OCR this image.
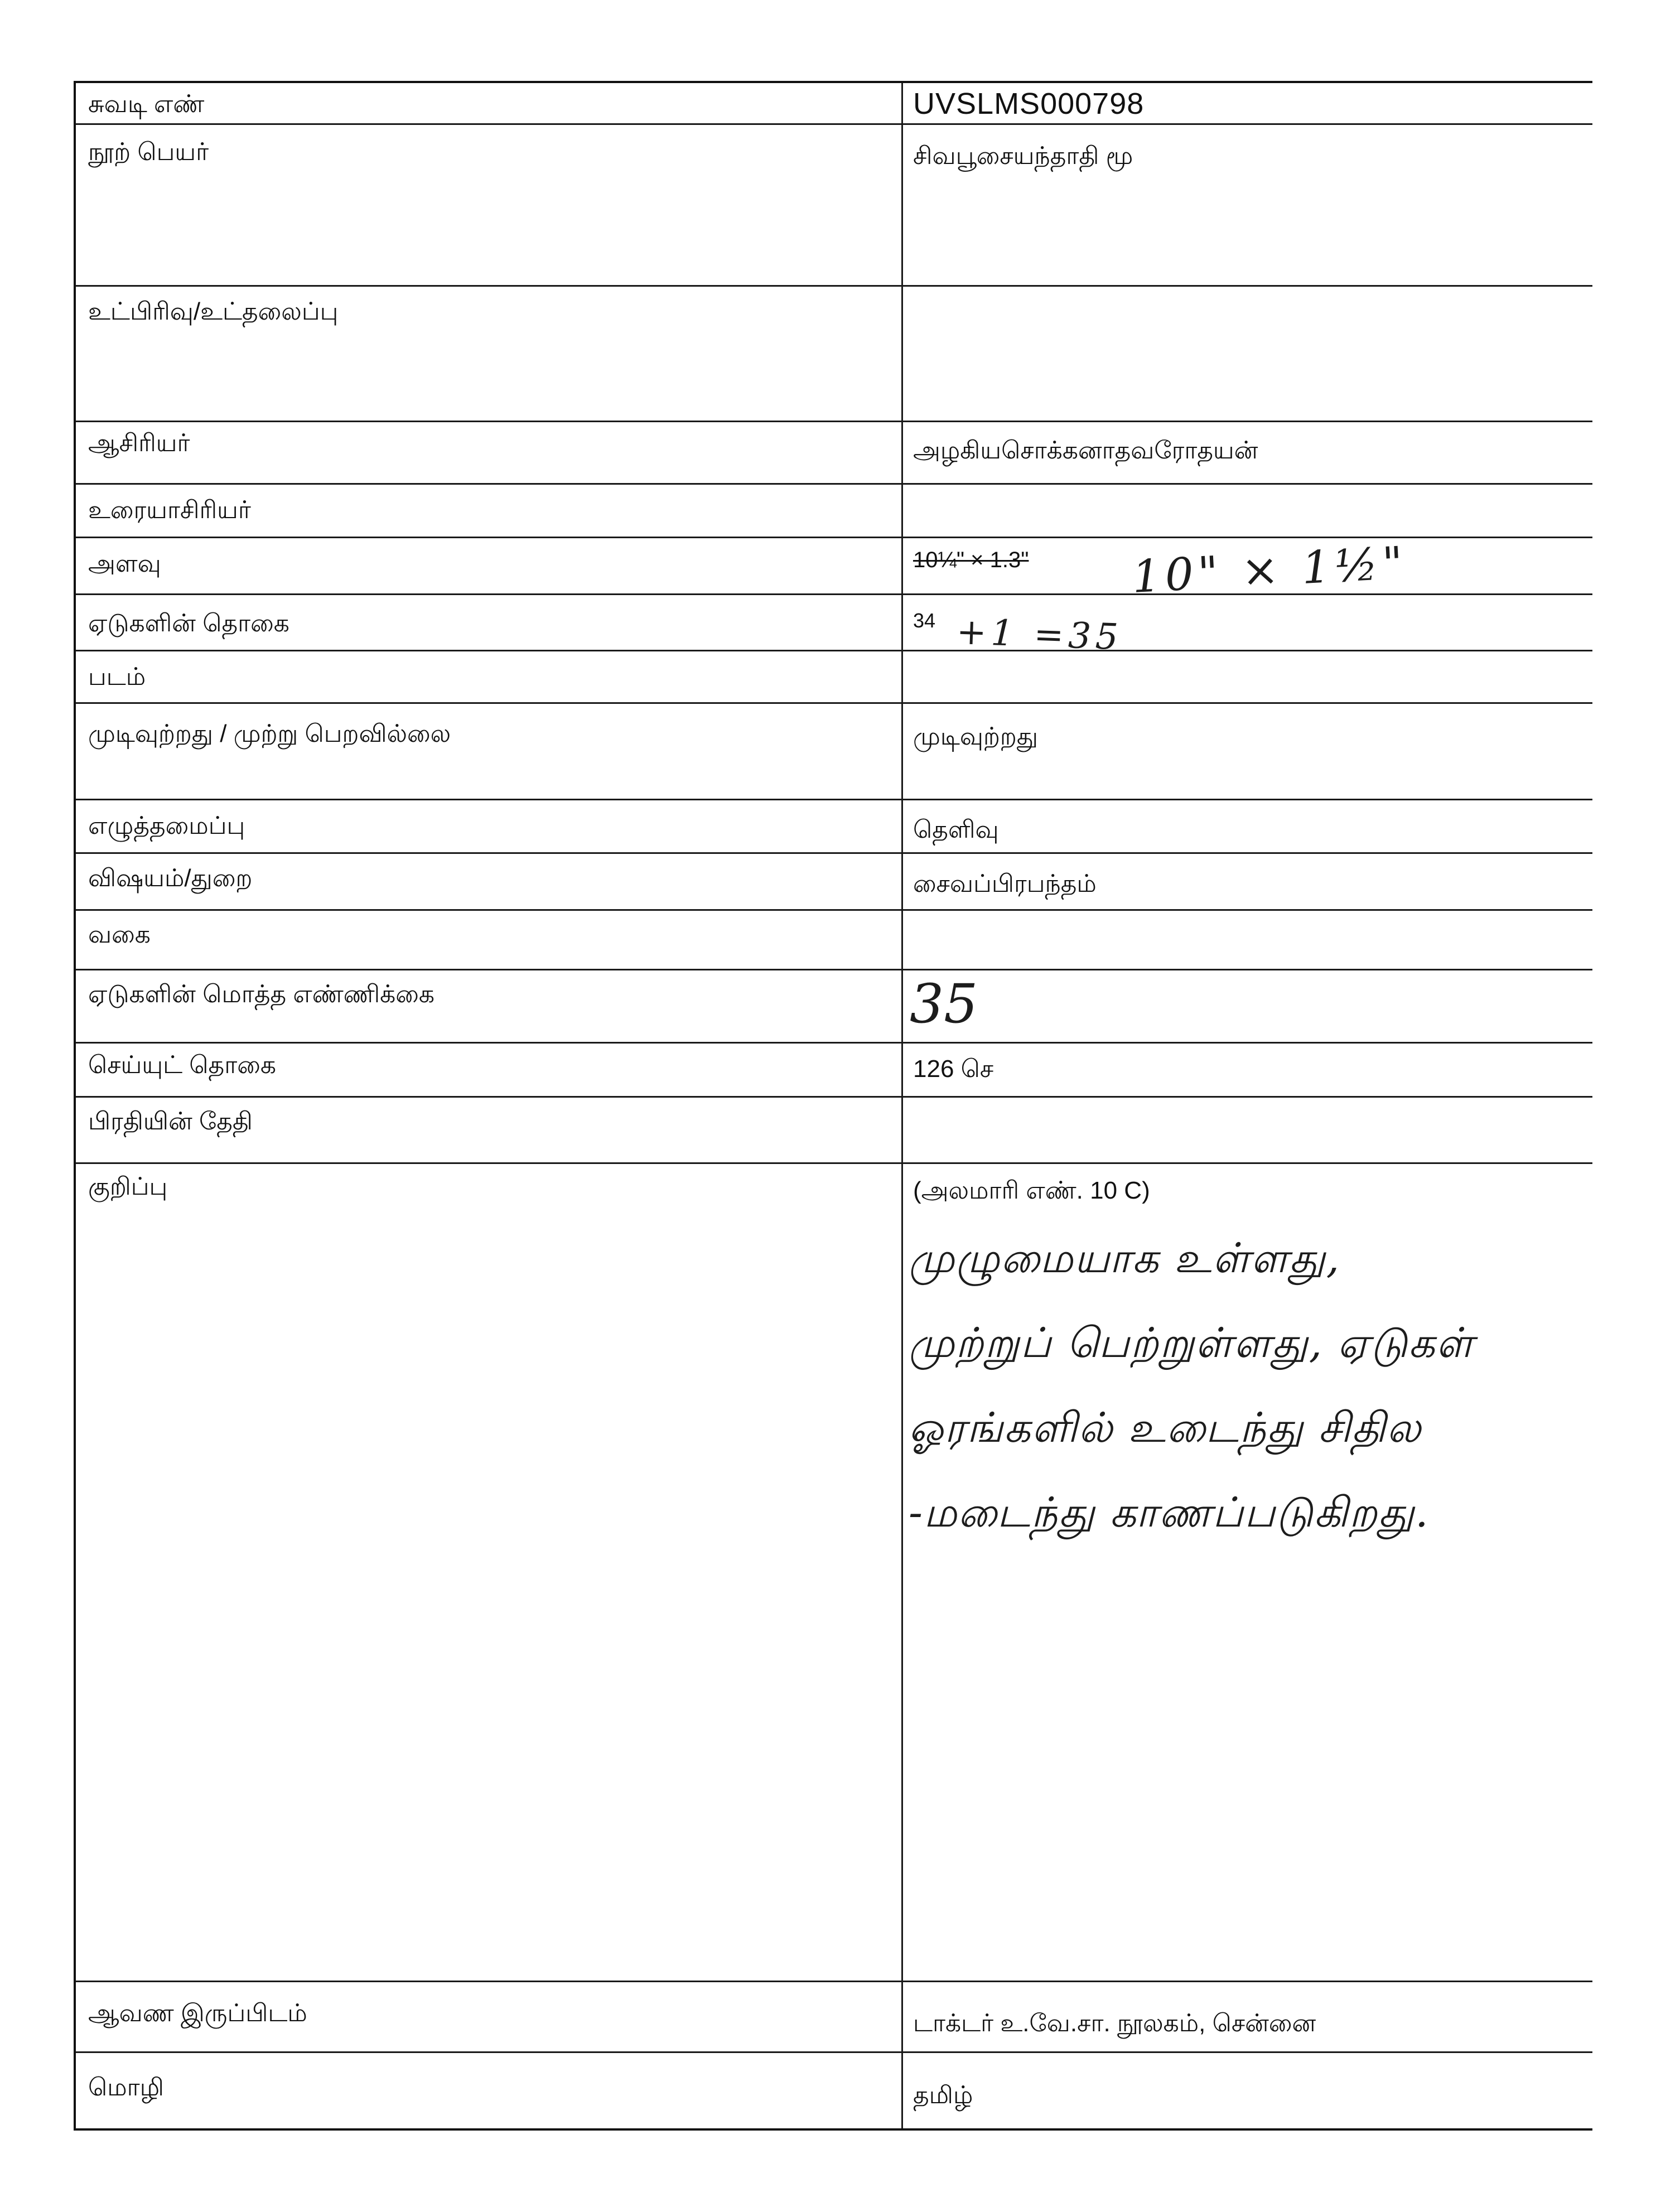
சுவடி எண்	UVSLMS000798
நூற் பெயர்	சிவபூசையந்தாதி மூ
உட்பிரிவு/உட்தலைப்பு
ஆசிரியர்	அழகியசொக்கனாதவரோதயன்
உரையாசிரியர்
அளவு	10¼" × 1.3" 10" × 1½"
ஏடுகளின் தொகை	34 +1 =35
படம்
முடிவுற்றது / முற்று பெறவில்லை	முடிவுற்றது
எழுத்தமைப்பு	தெளிவு
விஷயம்/துறை	சைவப்பிரபந்தம்
வகை
ஏடுகளின் மொத்த எண்ணிக்கை	35
செய்யுட் தொகை	126 செ
பிரதியின் தேதி
குறிப்பு	(அலமாரி எண். 10 C)
முழுமையாக உள்ளது,
முற்றுப் பெற்றுள்ளது, ஏடுகள்
ஓரங்களில் உடைந்து சிதில
-மடைந்து காணப்படுகிறது.
ஆவண இருப்பிடம்	டாக்டர் உ.வே.சா. நூலகம், சென்னை
மொழி	தமிழ்
